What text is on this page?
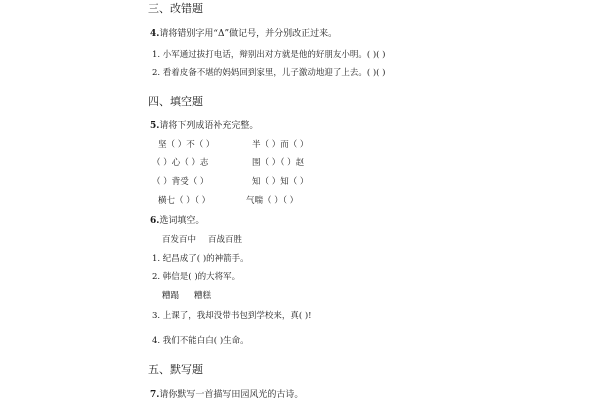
三、改错题
4.请将错别字用“Δ”做记号，并分别改正过来。
1. 小军通过拔打电话，辩别出对方就是他的好朋友小明。( )( )
2. 看着皮备不堪的妈妈回到家里，儿子激动地迎了上去。( )( )
四、填空题
5.请将下列成语补充完整。
坚（ ）不（ ）	半（ ）而（ ）
（ ）心（ ）志	围（ ）（ ）赵
（ ）背受（ ）	知（ ）知（ ）
横七（ ）（ ）	气喘（ ）（ ）
6.选词填空。
百发百中 百战百胜
1. 纪昌成了( )的神箭手。
2. 韩信是( )的大将军。
糟蹋 糟糕
3. 上课了，我却没带书包到学校来，真( )!
4. 我们不能白白( )生命。
五、默写题
7.请你默写一首描写田园风光的古诗。
